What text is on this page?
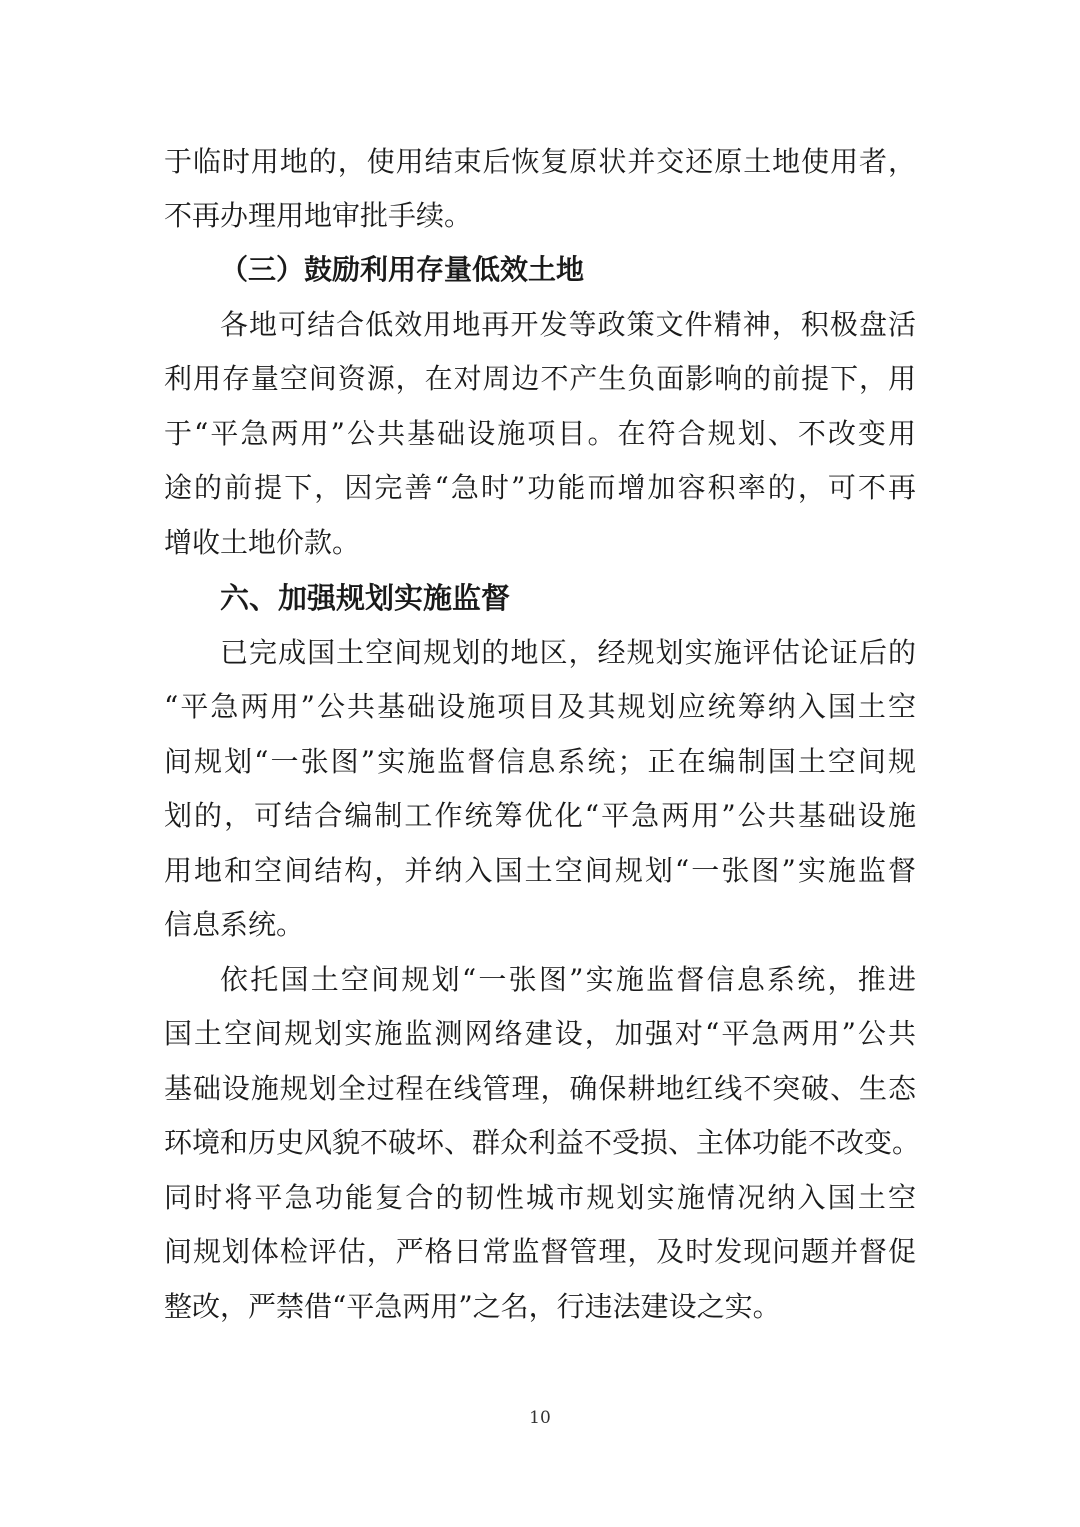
于临时用地的，使用结束后恢复原状并交还原土地使用者，
不再办理用地审批手续。
（三）鼓励利用存量低效土地
各地可结合低效用地再开发等政策文件精神，积极盘活
利用存量空间资源，在对周边不产生负面影响的前提下，用
于“平急两用”公共基础设施项目。在符合规划、不改变用
途的前提下，因完善“急时”功能而增加容积率的，可不再
增收土地价款。
六、加强规划实施监督
已完成国土空间规划的地区，经规划实施评估论证后的
“平急两用”公共基础设施项目及其规划应统筹纳入国土空
间规划“一张图”实施监督信息系统；正在编制国土空间规
划的，可结合编制工作统筹优化“平急两用”公共基础设施
用地和空间结构，并纳入国土空间规划“一张图”实施监督
信息系统。
依托国土空间规划“一张图”实施监督信息系统，推进
国土空间规划实施监测网络建设，加强对“平急两用”公共
基础设施规划全过程在线管理，确保耕地红线不突破、生态
环境和历史风貌不破坏、群众利益不受损、主体功能不改变。
同时将平急功能复合的韧性城市规划实施情况纳入国土空
间规划体检评估，严格日常监督管理，及时发现问题并督促
整改，严禁借“平急两用”之名，行违法建设之实。
10
